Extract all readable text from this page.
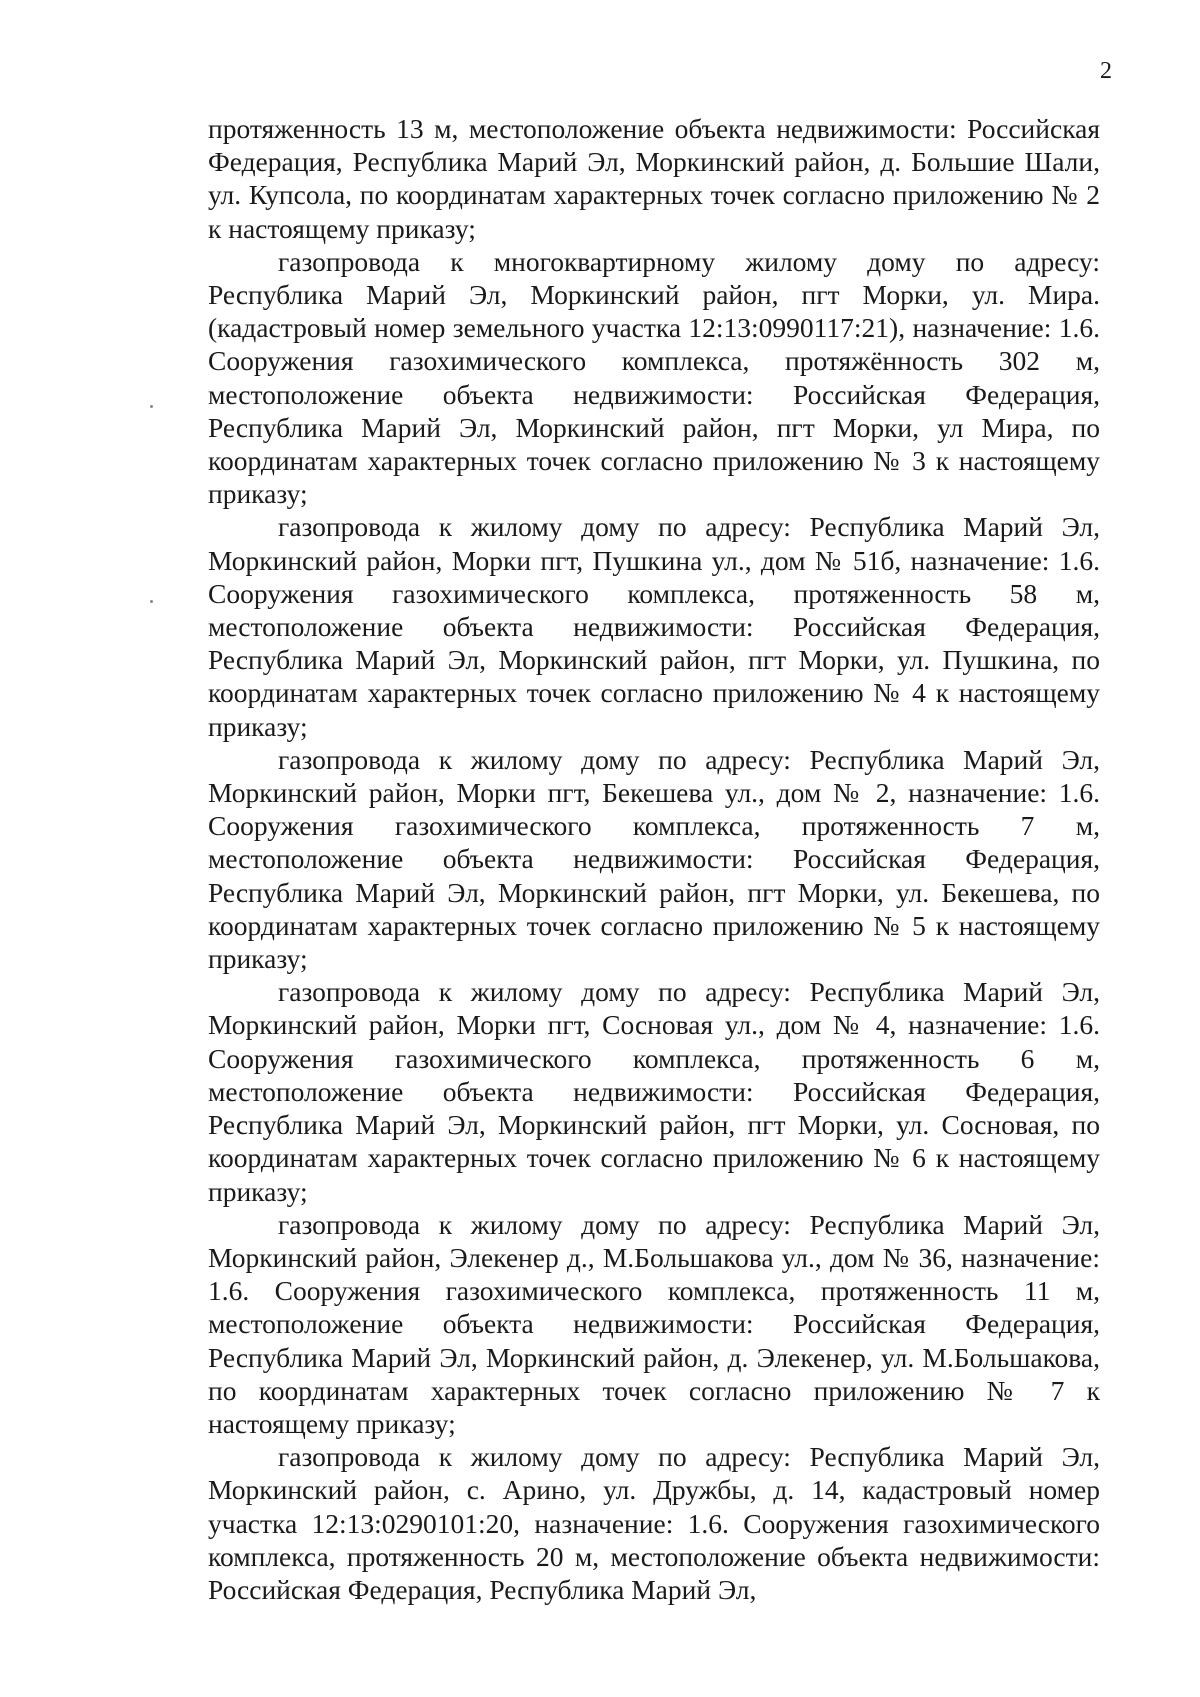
2

протяженность 13 м, местоположение объекта недвижимости: Российская Федерация, Республика Марий Эл, Моркинский район, д. Большие Шали, ул. Купсола, по координатам характерных точек согласно приложению № 2 к настоящему приказу;

газопровода к многоквартирному жилому дому по адресу: Республика Марий Эл, Моркинский район, пгт Морки, ул. Мира. (кадастровый номер земельного участка 12:13:0990117:21), назначение: 1.6. Сооружения газохимического комплекса, протяжённость 302 м, местоположение объекта недвижимости: Российская Федерация, Республика Марий Эл, Моркинский район, пгт Морки, ул Мира, по координатам характерных точек согласно приложению № 3 к настоящему приказу;

газопровода к жилому дому по адресу: Республика Марий Эл, Моркинский район, Морки пгт, Пушкина ул., дом № 51б, назначение: 1.6. Сооружения газохимического комплекса, протяженность 58 м, местоположение объекта недвижимости: Российская Федерация, Республика Марий Эл, Моркинский район, пгт Морки, ул. Пушкина, по координатам характерных точек согласно приложению № 4 к настоящему приказу;

газопровода к жилому дому по адресу: Республика Марий Эл, Моркинский район, Морки пгт, Бекешева ул., дом № 2, назначение: 1.6. Сооружения газохимического комплекса, протяженность 7 м, местоположение объекта недвижимости: Российская Федерация, Республика Марий Эл, Моркинский район, пгт Морки, ул. Бекешева, по координатам характерных точек согласно приложению № 5 к настоящему приказу;

газопровода к жилому дому по адресу: Республика Марий Эл, Моркинский район, Морки пгт, Сосновая ул., дом № 4, назначение: 1.6. Сооружения газохимического комплекса, протяженность 6 м, местоположение объекта недвижимости: Российская Федерация, Республика Марий Эл, Моркинский район, пгт Морки, ул. Сосновая, по координатам характерных точек согласно приложению № 6 к настоящему приказу;

газопровода к жилому дому по адресу: Республика Марий Эл, Моркинский район, Элекенер д., М.Большакова ул., дом № 36, назначение: 1.6. Сооружения газохимического комплекса, протяженность 11 м, местоположение объекта недвижимости: Российская Федерация, Республика Марий Эл, Моркинский район, д. Элекенер, ул. М.Большакова, по координатам характерных точек согласно приложению № 7 к настоящему приказу;

газопровода к жилому дому по адресу: Республика Марий Эл, Моркинский район, с. Арино, ул. Дружбы, д. 14, кадастровый номер участка 12:13:0290101:20, назначение: 1.6. Сооружения газохимического комплекса, протяженность 20 м, местоположение объекта недвижимости: Российская Федерация, Республика Марий Эл,
